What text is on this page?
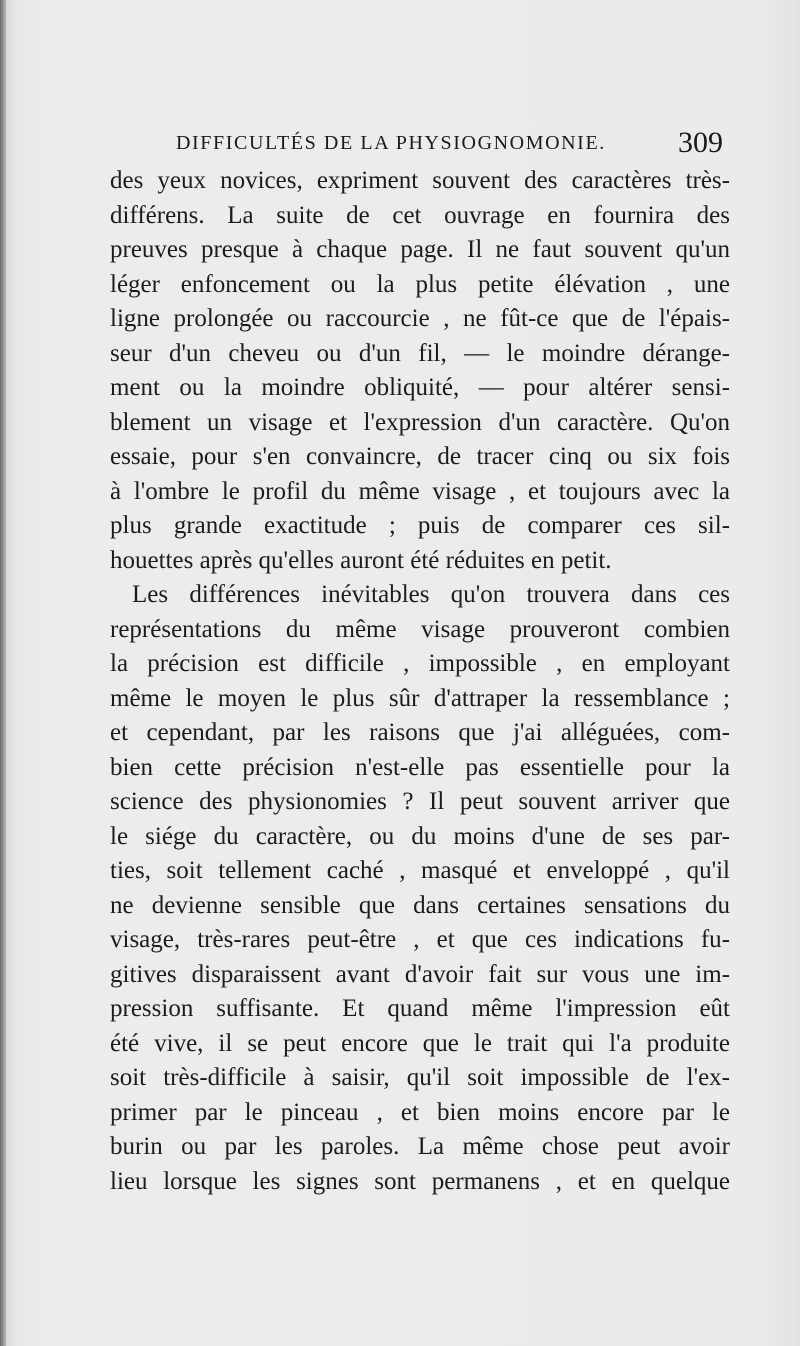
DIFFICULTÉS DE LA PHYSIOGNOMONIE. 309
des yeux novices, expriment souvent des caractères très-
différens. La suite de cet ouvrage en fournira des
preuves presque à chaque page. Il ne faut souvent qu'un
léger enfoncement ou la plus petite élévation , une
ligne prolongée ou raccourcie , ne fût-ce que de l'épais-
seur d'un cheveu ou d'un fil, — le moindre dérange-
ment ou la moindre obliquité, — pour altérer sensi-
blement un visage et l'expression d'un caractère. Qu'on
essaie, pour s'en convaincre, de tracer cinq ou six fois
à l'ombre le profil du même visage , et toujours avec la
plus grande exactitude ; puis de comparer ces sil-
houettes après qu'elles auront été réduites en petit.
Les différences inévitables qu'on trouvera dans ces
représentations du même visage prouveront combien
la précision est difficile , impossible , en employant
même le moyen le plus sûr d'attraper la ressemblance ;
et cependant, par les raisons que j'ai alléguées, com-
bien cette précision n'est-elle pas essentielle pour la
science des physionomies ? Il peut souvent arriver que
le siége du caractère, ou du moins d'une de ses par-
ties, soit tellement caché , masqué et enveloppé , qu'il
ne devienne sensible que dans certaines sensations du
visage, très-rares peut-être , et que ces indications fu-
gitives disparaissent avant d'avoir fait sur vous une im-
pression suffisante. Et quand même l'impression eût
été vive, il se peut encore que le trait qui l'a produite
soit très-difficile à saisir, qu'il soit impossible de l'ex-
primer par le pinceau , et bien moins encore par le
burin ou par les paroles. La même chose peut avoir
lieu lorsque les signes sont permanens , et en quelque
